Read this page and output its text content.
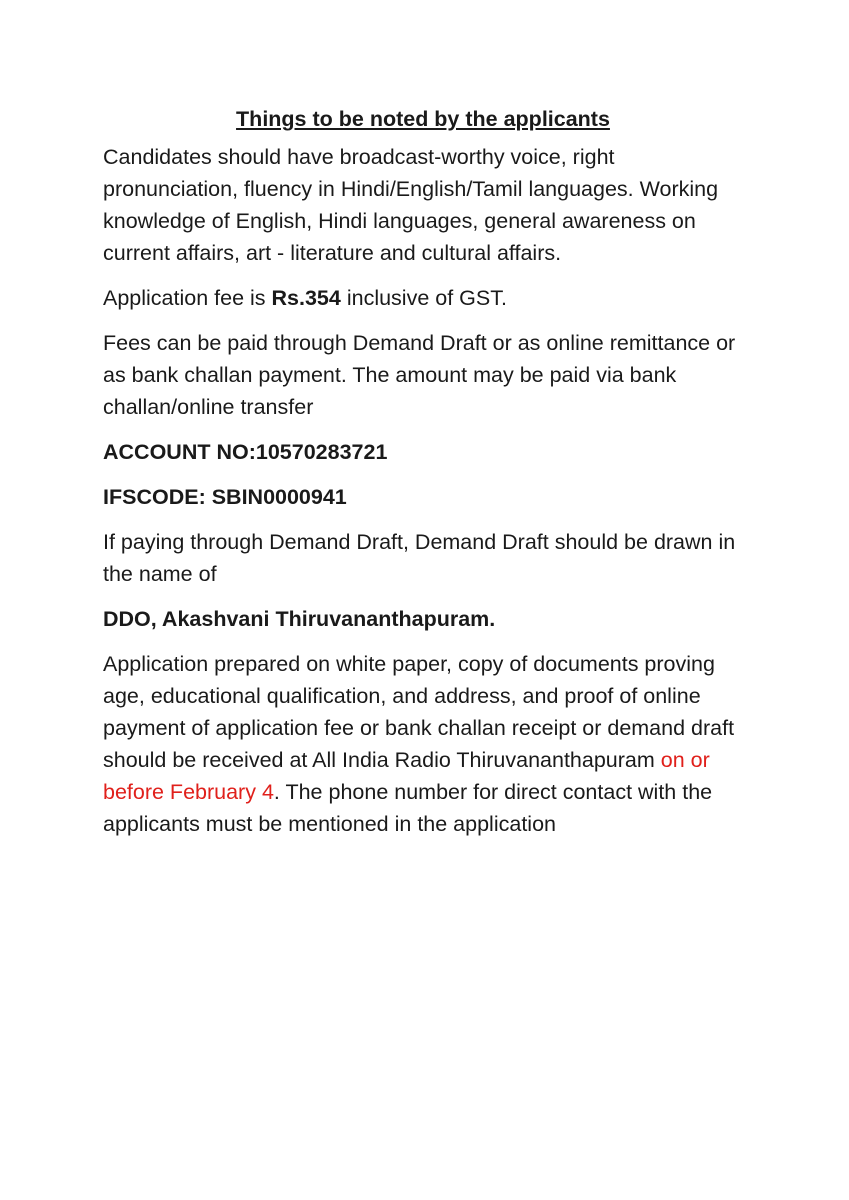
Things to be noted by the applicants

Candidates should have broadcast-worthy voice, right pronunciation, fluency in Hindi/English/Tamil languages. Working knowledge of English, Hindi languages, general awareness on current affairs, art - literature and cultural affairs.

Application fee is Rs.354 inclusive of GST.

Fees can be paid through Demand Draft or as online remittance or as bank challan payment. The amount may be paid via bank challan/online transfer

ACCOUNT NO:10570283721
IFSCODE: SBIN0000941

If paying through Demand Draft, Demand Draft should be drawn in the name of

DDO, Akashvani Thiruvananthapuram.

Application prepared on white paper, copy of documents proving age, educational qualification, and address, and proof of online payment of application fee or bank challan receipt or demand draft should be received at All India Radio Thiruvananthapuram on or before February 4. The phone number for direct contact with the applicants must be mentioned in the application
